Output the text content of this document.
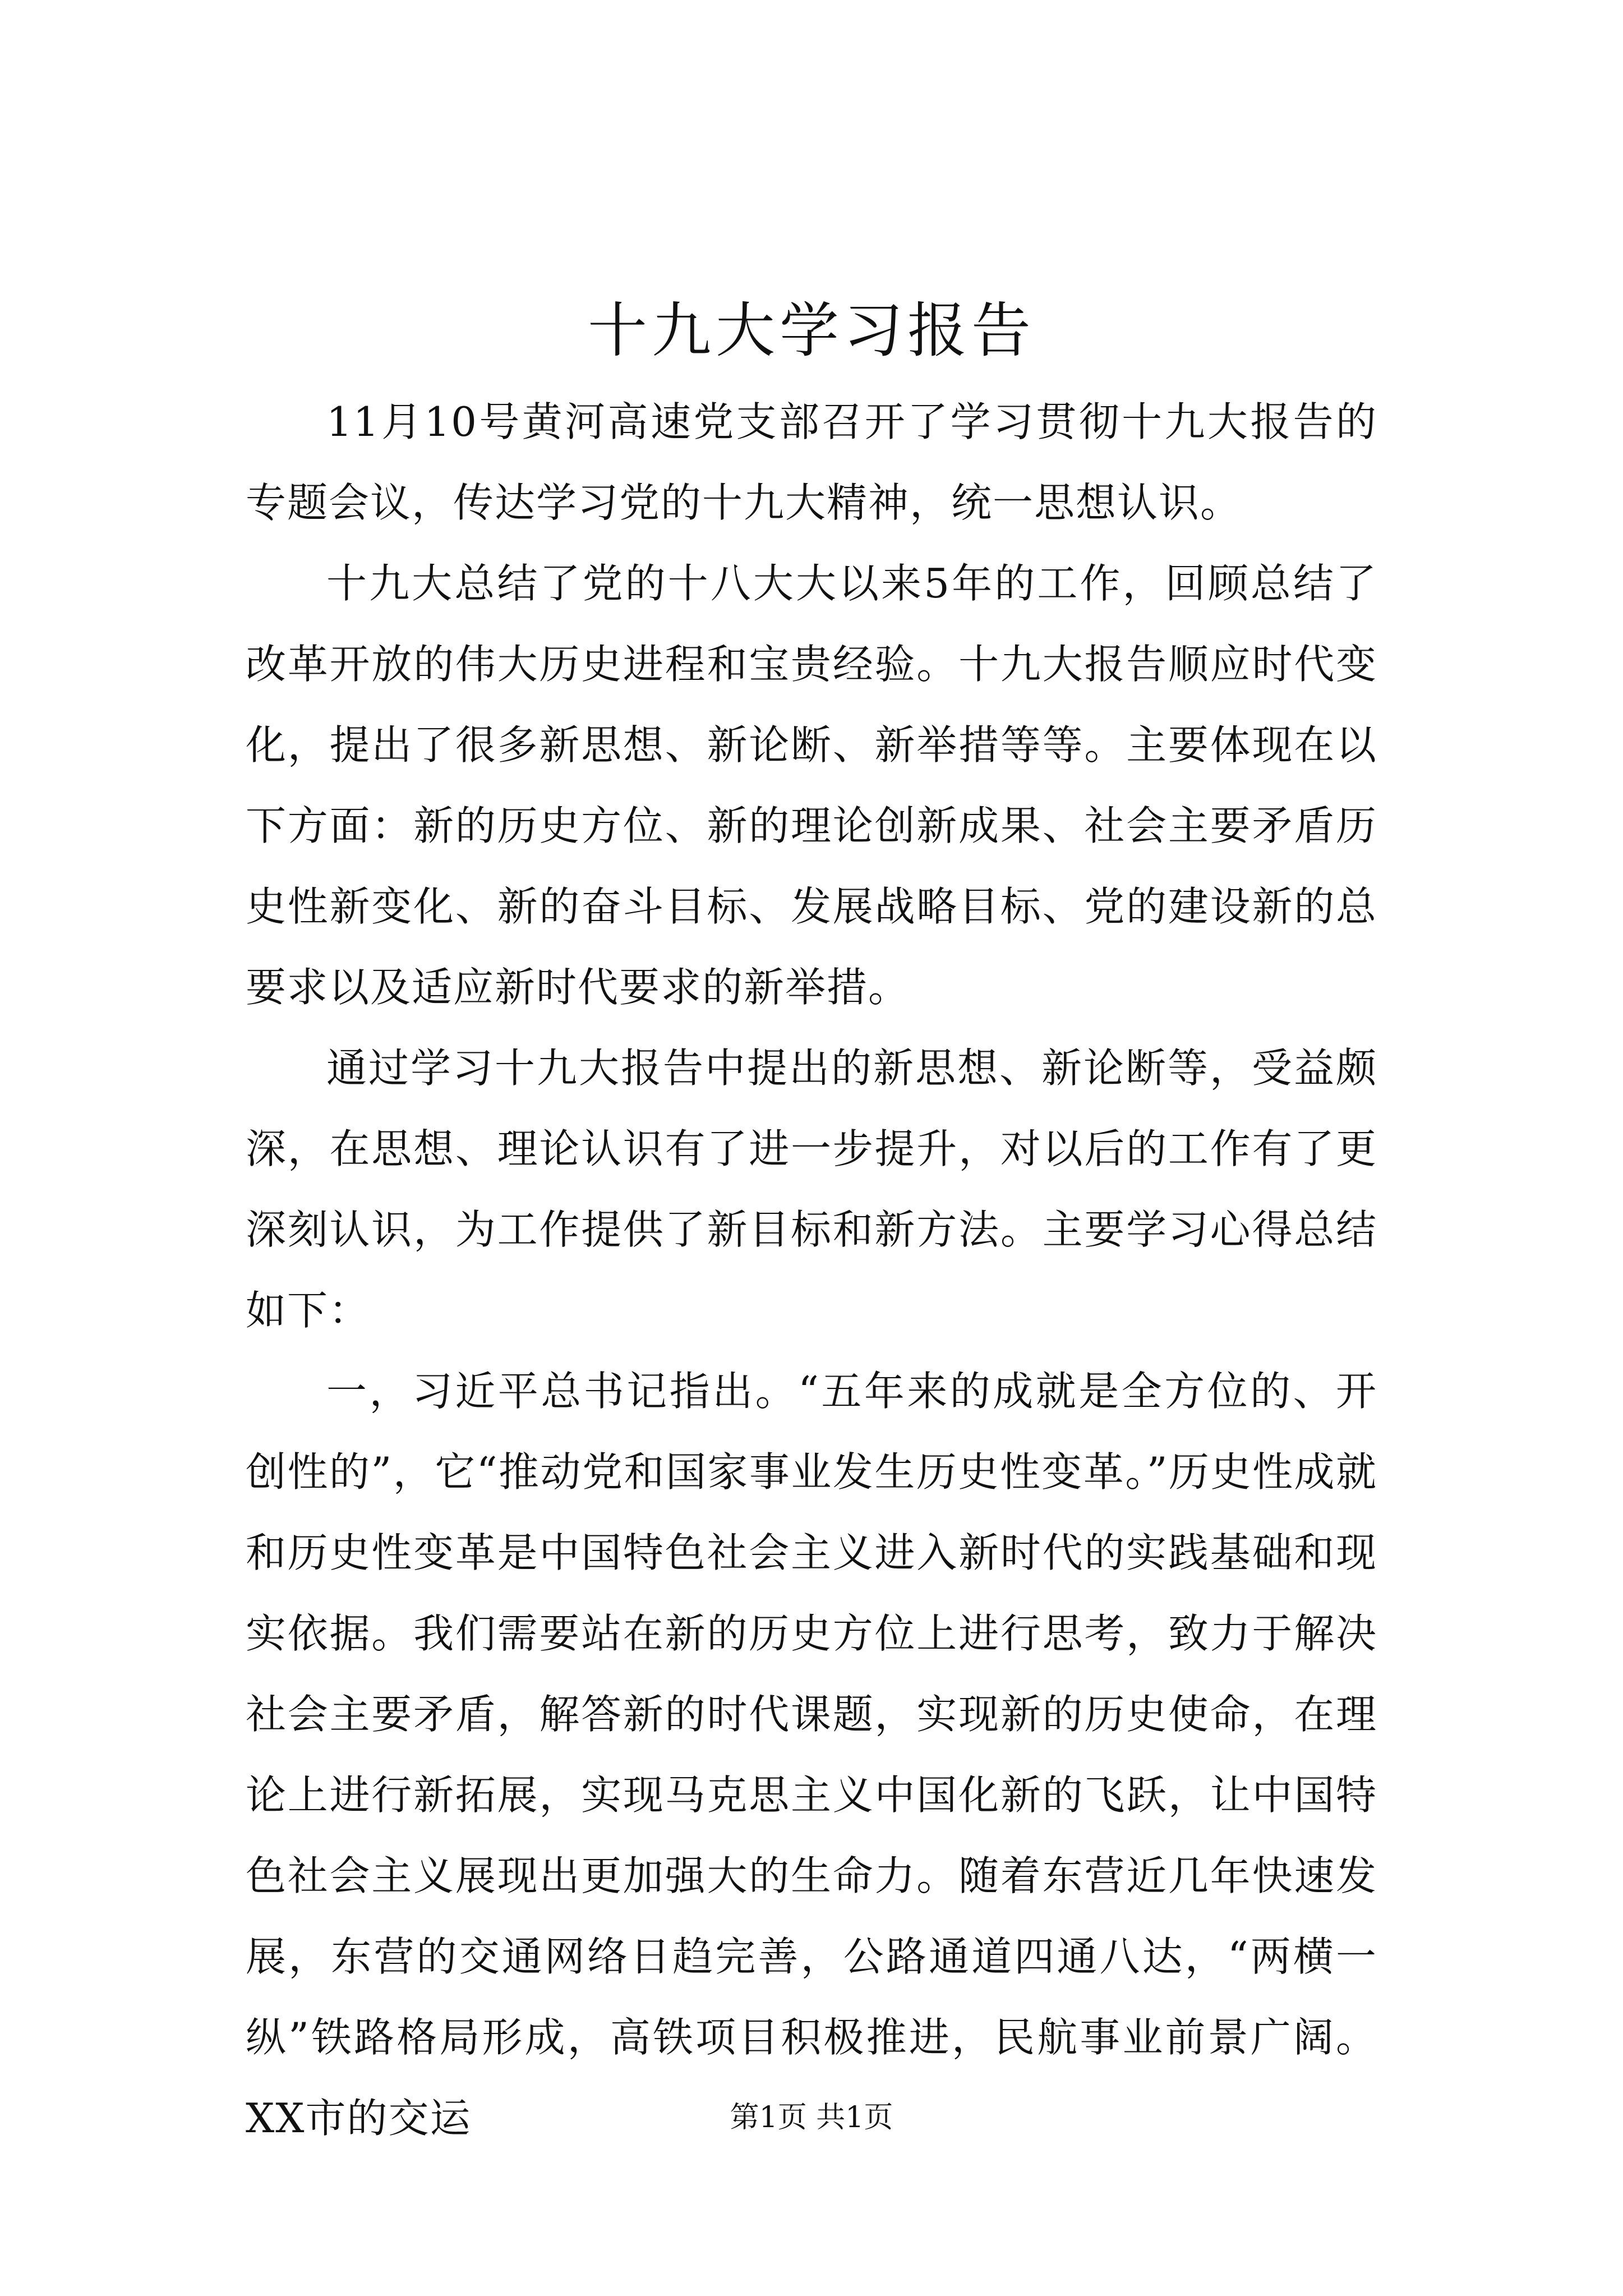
十九大学习报告

11月10号黄河高速党支部召开了学习贯彻十九大报告的专题会议，传达学习党的十九大精神，统一思想认识。

十九大总结了党的十八大大以来5年的工作，回顾总结了改革开放的伟大历史进程和宝贵经验。十九大报告顺应时代变化，提出了很多新思想、新论断、新举措等等。主要体现在以下方面：新的历史方位、新的理论创新成果、社会主要矛盾历史性新变化、新的奋斗目标、发展战略目标、党的建设新的总要求以及适应新时代要求的新举措。

通过学习十九大报告中提出的新思想、新论断等，受益颇深，在思想、理论认识有了进一步提升，对以后的工作有了更深刻认识，为工作提供了新目标和新方法。主要学习心得总结如下：

一，习近平总书记指出。“五年来的成就是全方位的、开创性的”，它“推动党和国家事业发生历史性变革。”历史性成就和历史性变革是中国特色社会主义进入新时代的实践基础和现实依据。我们需要站在新的历史方位上进行思考，致力于解决社会主要矛盾，解答新的时代课题，实现新的历史使命，在理论上进行新拓展，实现马克思主义中国化新的飞跃，让中国特色社会主义展现出更加强大的生命力。随着东营近几年快速发展，东营的交通网络日趋完善，公路通道四通八达，“两横一纵”铁路格局形成，高铁项目积极推进，民航事业前景广阔。XX市的交运	第1页 共1页
